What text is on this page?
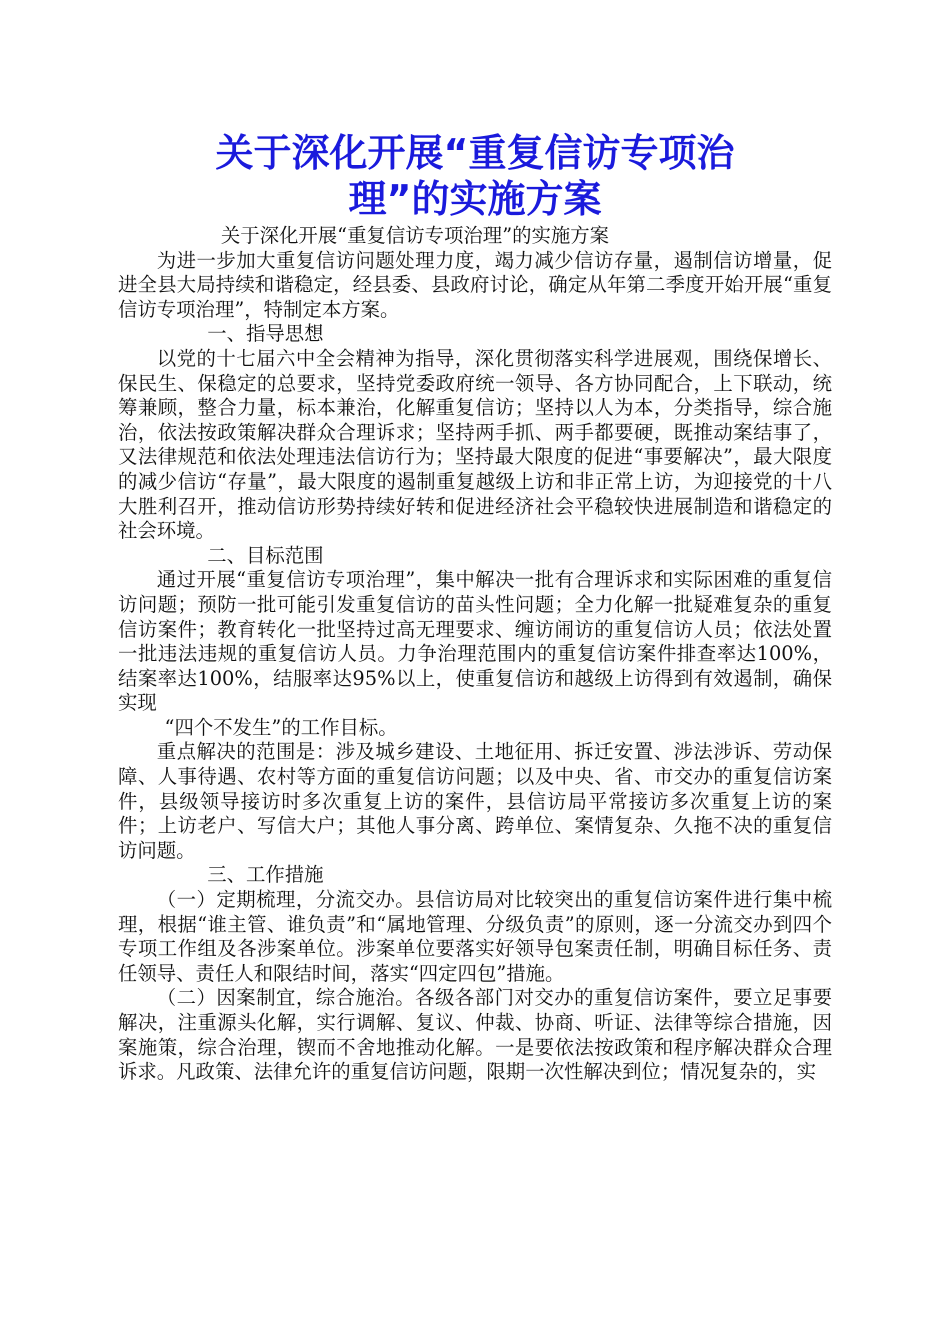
关于深化开展“重复信访专项治
理”的实施方案

关于深化开展“重复信访专项治理”的实施方案

为进一步加大重复信访问题处理力度，竭力减少信访存量，遏制信访增量，促进全县大局持续和谐稳定，经县委、县政府讨论，确定从年第二季度开始开展“重复信访专项治理”，特制定本方案。

一、指导思想

以党的十七届六中全会精神为指导，深化贯彻落实科学进展观，围绕保增长、保民生、保稳定的总要求，坚持党委政府统一领导、各方协同配合，上下联动，统筹兼顾，整合力量，标本兼治，化解重复信访；坚持以人为本，分类指导，综合施治，依法按政策解决群众合理诉求；坚持两手抓、两手都要硬，既推动案结事了，又法律规范和依法处理违法信访行为；坚持最大限度的促进“事要解决”，最大限度的减少信访“存量”，最大限度的遏制重复越级上访和非正常上访，为迎接党的十八大胜利召开，推动信访形势持续好转和促进经济社会平稳较快进展制造和谐稳定的社会环境。

二、目标范围

通过开展“重复信访专项治理”，集中解决一批有合理诉求和实际困难的重复信访问题；预防一批可能引发重复信访的苗头性问题；全力化解一批疑难复杂的重复信访案件；教育转化一批坚持过高无理要求、缠访闹访的重复信访人员；依法处置一批违法违规的重复信访人员。力争治理范围内的重复信访案件排查率达100%，结案率达100%，结服率达95%以上，使重复信访和越级上访得到有效遏制，确保实现

“四个不发生”的工作目标。

重点解决的范围是：涉及城乡建设、土地征用、拆迁安置、涉法涉诉、劳动保障、人事待遇、农村等方面的重复信访问题；以及中央、省、市交办的重复信访案件，县级领导接访时多次重复上访的案件，县信访局平常接访多次重复上访的案件；上访老户、写信大户；其他人事分离、跨单位、案情复杂、久拖不决的重复信访问题。

三、工作措施

（一）定期梳理，分流交办。县信访局对比较突出的重复信访案件进行集中梳理，根据“谁主管、谁负责”和“属地管理、分级负责”的原则，逐一分流交办到四个专项工作组及各涉案单位。涉案单位要落实好领导包案责任制，明确目标任务、责任领导、责任人和限结时间，落实“四定四包”措施。

（二）因案制宜，综合施治。各级各部门对交办的重复信访案件，要立足事要解决，注重源头化解，实行调解、复议、仲裁、协商、听证、法律等综合措施，因案施策，综合治理，锲而不舍地推动化解。一是要依法按政策和程序解决群众合理诉求。凡政策、法律允许的重复信访问题，限期一次性解决到位；情况复杂的，实
